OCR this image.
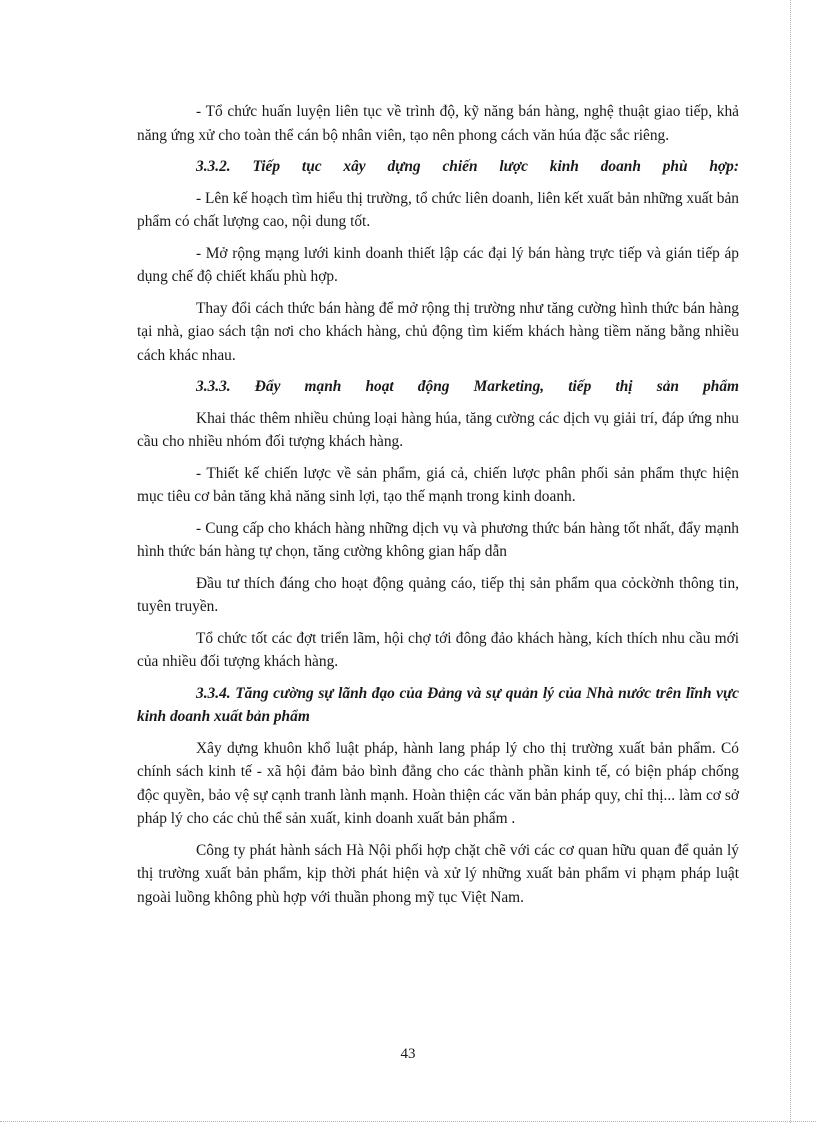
- Tổ chức huấn luyện liên tục về trình độ, kỹ năng bán hàng, nghệ thuật giao tiếp, khả năng ứng xử cho toàn thể cán bộ nhân viên, tạo nên phong cách văn húa đặc sắc riêng.

3.3.2. Tiếp tục xây dựng chiến lược kinh doanh phù hợp:

- Lên kế hoạch tìm hiểu thị trường, tổ chức liên doanh, liên kết xuất bản những xuất bản phẩm có chất lượng cao, nội dung tốt.

- Mở rộng mạng lưới kinh doanh thiết lập các đại lý bán hàng trực tiếp và gián tiếp áp dụng chế độ chiết khấu phù hợp.

Thay đổi cách thức bán hàng để mở rộng thị trường như tăng cường hình thức bán hàng tại nhà, giao sách tận nơi cho khách hàng, chủ động tìm kiếm khách hàng tiềm năng bằng nhiều cách khác nhau.

3.3.3. Đẩy mạnh hoạt động Marketing, tiếp thị sản phẩm

Khai thác thêm nhiều chủng loại hàng húa, tăng cường các dịch vụ giải trí, đáp ứng nhu cầu cho nhiều nhóm đối tượng khách hàng.

- Thiết kế chiến lược về sản phẩm, giá cả, chiến lược phân phối sản phẩm thực hiện mục tiêu cơ bản tăng khả năng sinh lợi, tạo thế mạnh trong kinh doanh.

- Cung cấp cho khách hàng những dịch vụ và phương thức bán hàng tốt nhất, đẩy mạnh hình thức bán hàng tự chọn, tăng cường không gian hấp dẫn

Đầu tư thích đáng cho hoạt động quảng cáo, tiếp thị sản phẩm qua cỏckờnh thông tin, tuyên truyền.

Tổ chức tốt các đợt triển lãm, hội chợ tới đông đảo khách hàng, kích thích nhu cầu mới của nhiều đối tượng khách hàng.

3.3.4. Tăng cường sự lãnh đạo của Đảng và sự quản lý của Nhà nước trên lĩnh vực kinh doanh xuất bản phẩm

Xây dựng khuôn khổ luật pháp, hành lang pháp lý cho thị trường xuất bản phẩm. Có chính sách kinh tế - xã hội đảm bảo bình đẳng cho các thành phần kinh tế, có biện pháp chống độc quyền, bảo vệ sự cạnh tranh lành mạnh. Hoàn thiện các văn bản pháp quy, chỉ thị... làm cơ sở pháp lý cho các chủ thể sản xuất, kinh doanh xuất bản phẩm .

Công ty phát hành sách Hà Nội phối hợp chặt chẽ với các cơ quan hữu quan để quản lý thị trường xuất bản phẩm, kịp thời phát hiện và xử lý những xuất bản phẩm vi phạm pháp luật ngoài luồng không phù hợp với thuần phong mỹ tục Việt Nam.

43
